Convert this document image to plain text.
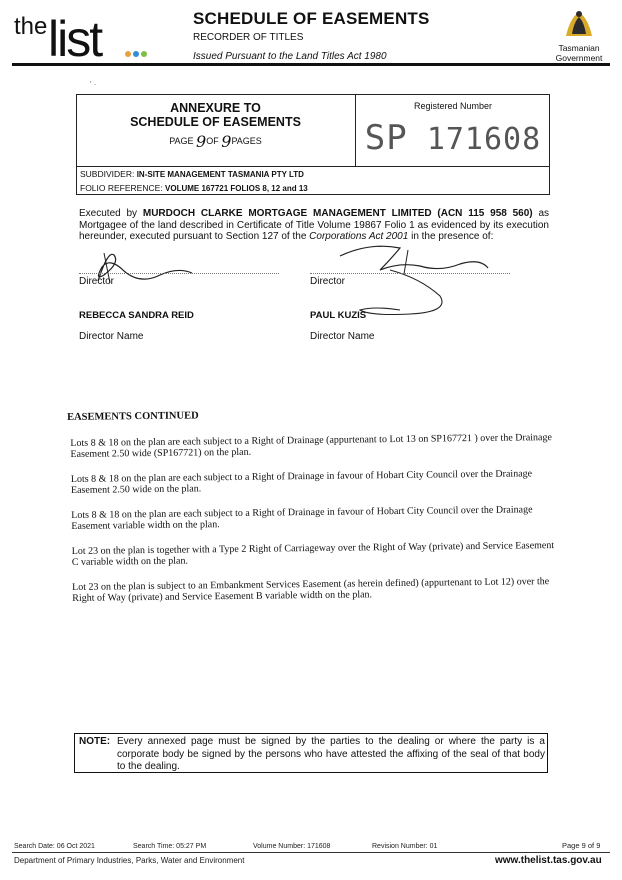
the list	SCHEDULE OF EASEMENTS
RECORDER OF TITLES
Issued Pursuant to the Land Titles Act 1980
Tasmanian
Government
' ·
ANNEXURE TO
SCHEDULE OF EASEMENTS
PAGE 9OF 9PAGES
Registered Number
SP 171608
SUBDIVIDER: IN-SITE MANAGEMENT TASMANIA PTY LTD
FOLIO REFERENCE: VOLUME 167721 FOLIOS 8, 12 and 13
Executed by MURDOCH CLARKE MORTGAGE MANAGEMENT LIMITED (ACN 115 958 560) as Mortgagee of the land described in Certificate of Title Volume 19867 Folio 1 as evidenced by its execution hereunder, executed pursuant to Section 127 of the Corporations Act 2001 in the presence of:
Director	Director
REBECCA SANDRA REID	PAUL KUZIS
Director Name	Director Name
EASEMENTS CONTINUED

Lots 8 & 18 on the plan are each subject to a Right of Drainage (appurtenant to Lot 13 on SP167721 ) over the Drainage Easement 2.50 wide (SP167721) on the plan.

Lots 8 & 18 on the plan are each subject to a Right of Drainage in favour of Hobart City Council over the Drainage Easement 2.50 wide on the plan.

Lots 8 & 18 on the plan are each subject to a Right of Drainage in favour of Hobart City Council over the Drainage Easement variable width on the plan.

Lot 23 on the plan is together with a Type 2 Right of Carriageway over the Right of Way (private) and Service Easement C variable width on the plan.

Lot 23 on the plan is subject to an Embankment Services Easement (as herein defined) (appurtenant to Lot 12) over the Right of Way (private) and Service Easement B variable width on the plan.

NOTE: Every annexed page must be signed by the parties to the dealing or where the party is a corporate body be signed by the persons who have attested the affixing of the seal of that body to the dealing.
Search Date: 06 Oct 2021	Search Time: 05:27 PM	Volume Number: 171608	Revision Number: 01	Page 9 of 9
Department of Primary Industries, Parks, Water and Environment	www.thelist.tas.gov.au
